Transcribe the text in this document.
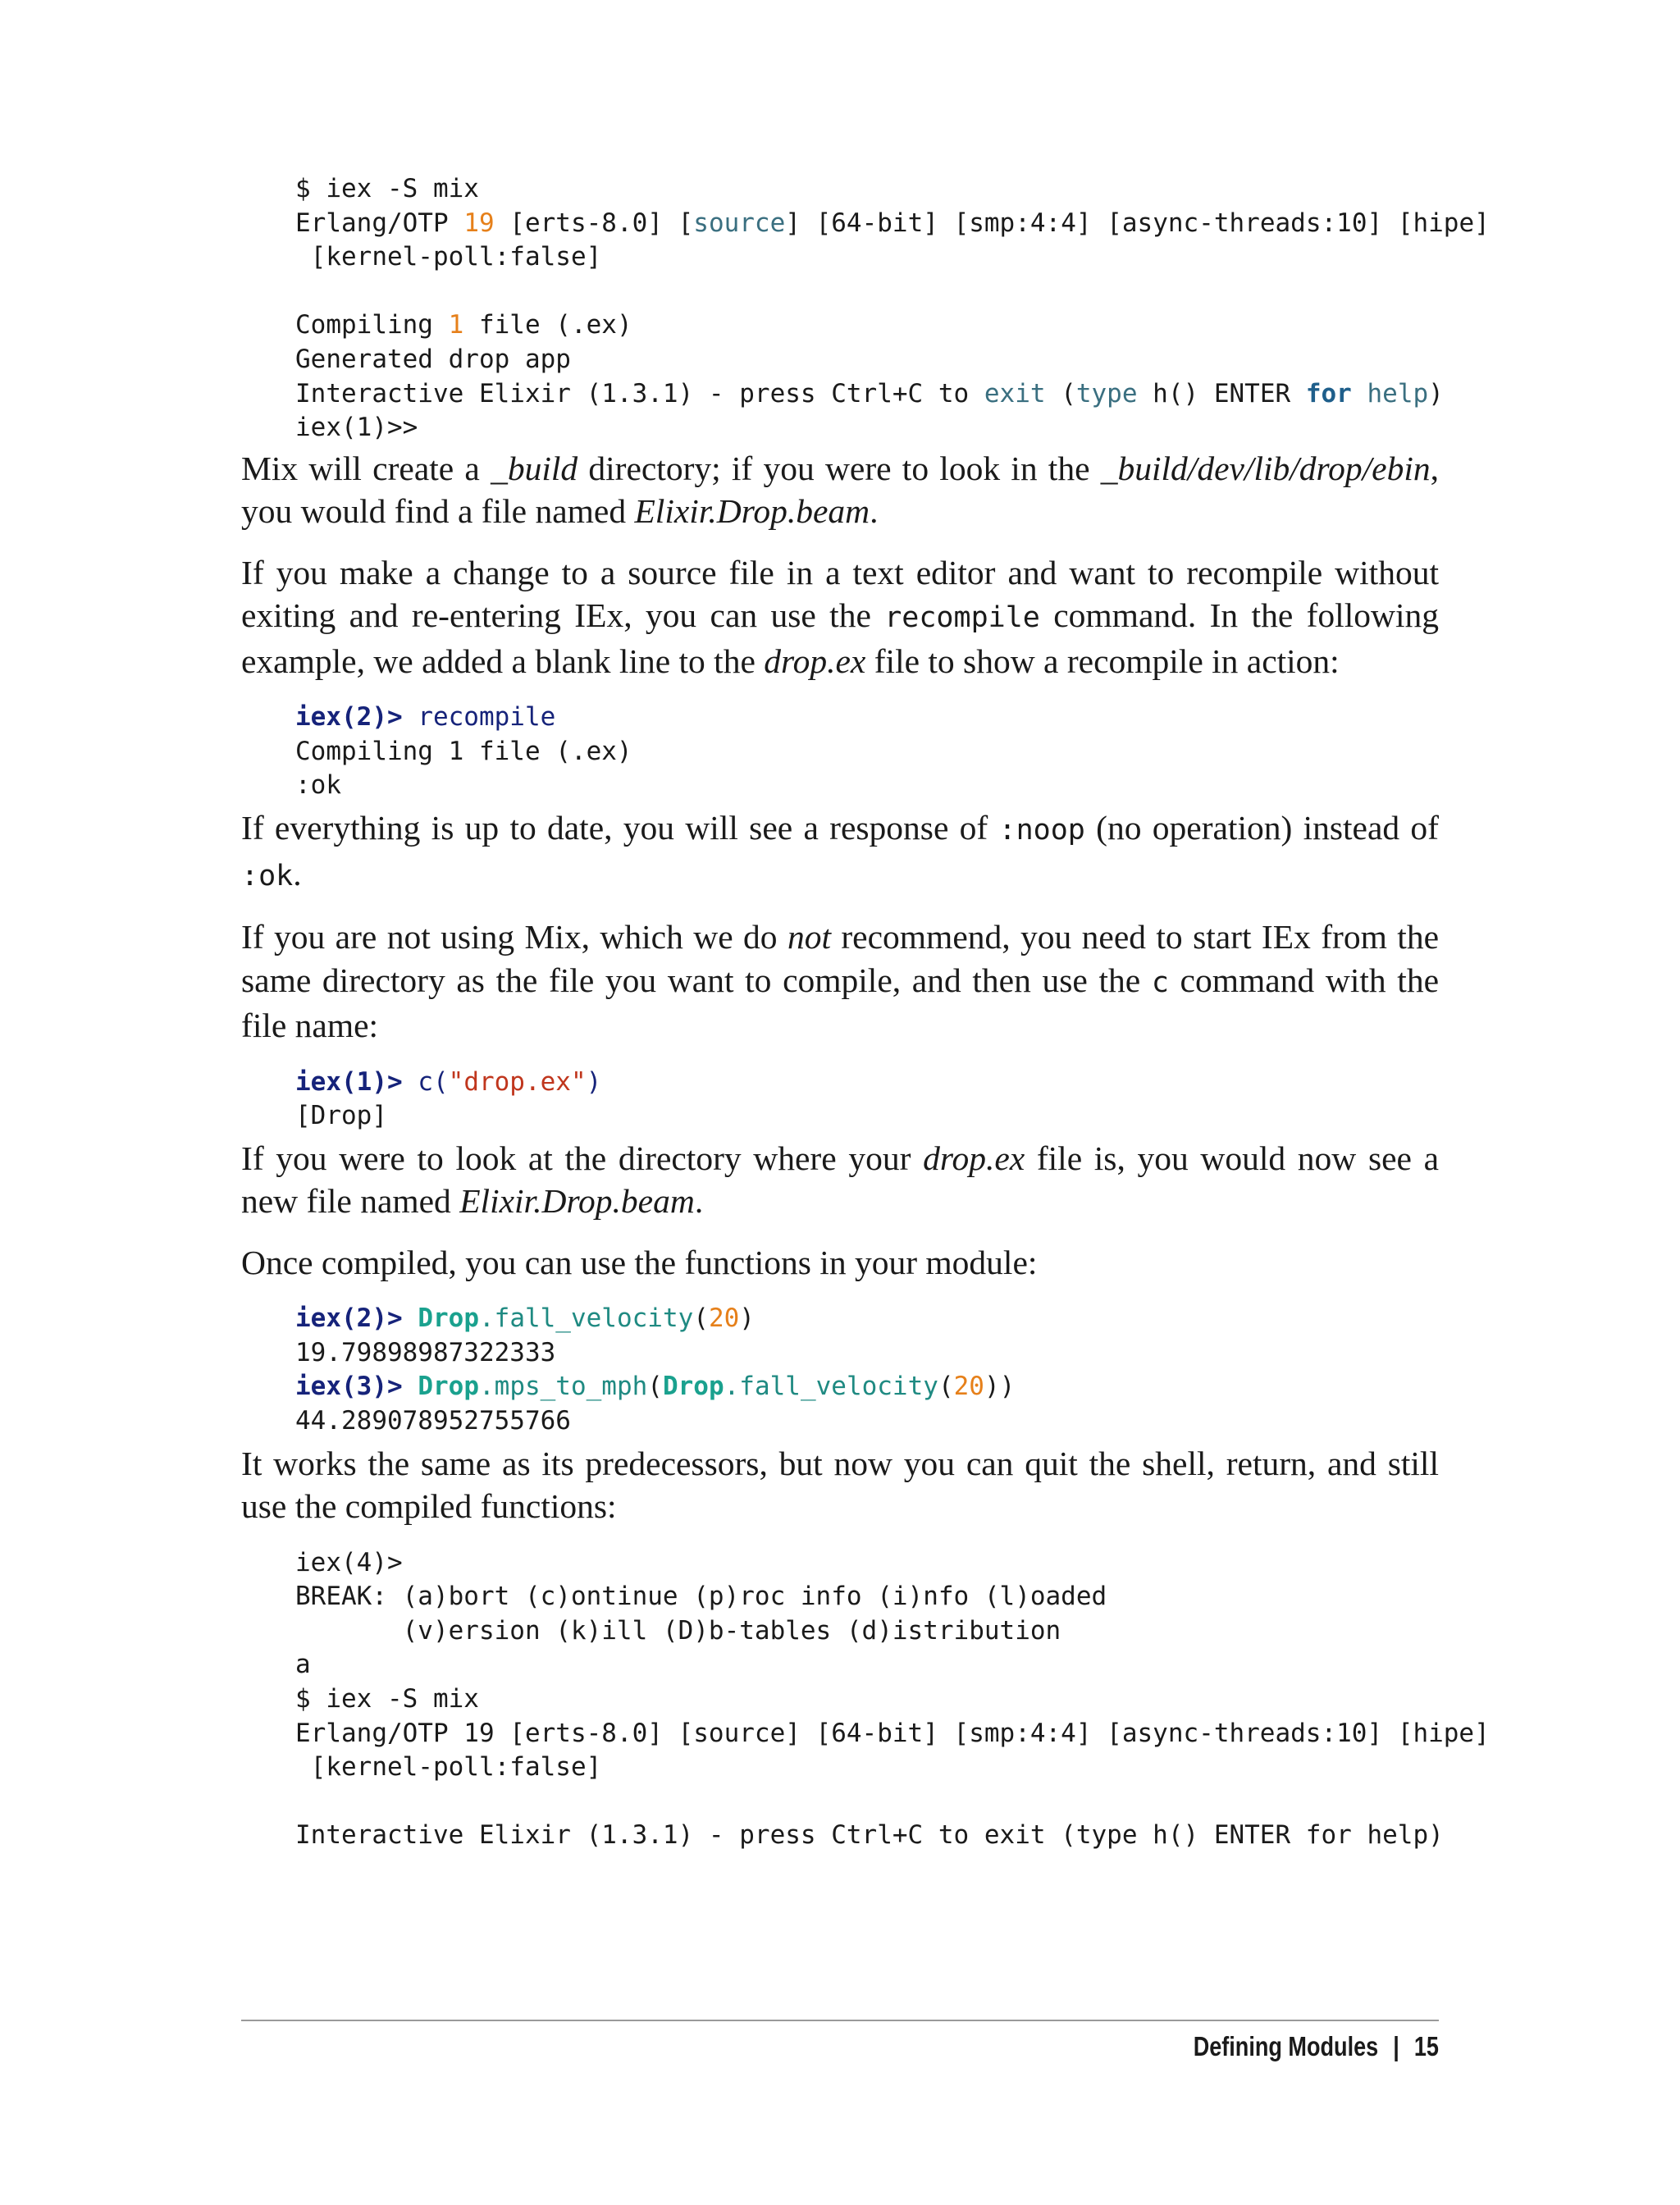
$ iex -S mix
Erlang/OTP 19 [erts-8.0] [source] [64-bit] [smp:4:4] [async-threads:10] [hipe]
[kernel-poll:false]

Compiling 1 file (.ex)
Generated drop app
Interactive Elixir (1.3.1) - press Ctrl+C to exit (type h() ENTER for help)
iex(1)>>

Mix will create a _build directory; if you were to look in the _build/dev/lib/drop/ebin, you would find a file named Elixir.Drop.beam.

If you make a change to a source file in a text editor and want to recompile without exiting and re-entering IEx, you can use the recompile command. In the following example, we added a blank line to the drop.ex file to show a recompile in action:

iex(2)> recompile
Compiling 1 file (.ex)
:ok

If everything is up to date, you will see a response of :noop (no operation) instead of :ok.

If you are not using Mix, which we do not recommend, you need to start IEx from the same directory as the file you want to compile, and then use the c command with the file name:

iex(1)> c("drop.ex")
[Drop]

If you were to look at the directory where your drop.ex file is, you would now see a new file named Elixir.Drop.beam.

Once compiled, you can use the functions in your module:

iex(2)> Drop.fall_velocity(20)
19.79898987322333
iex(3)> Drop.mps_to_mph(Drop.fall_velocity(20))
44.289078952755766

It works the same as its predecessors, but now you can quit the shell, return, and still use the compiled functions:

iex(4)>
BREAK: (a)bort (c)ontinue (p)roc info (i)nfo (l)oaded
(v)ersion (k)ill (D)b-tables (d)istribution
a
$ iex -S mix
Erlang/OTP 19 [erts-8.0] [source] [64-bit] [smp:4:4] [async-threads:10] [hipe]
[kernel-poll:false]

Interactive Elixir (1.3.1) - press Ctrl+C to exit (type h() ENTER for help)
Defining Modules | 15
